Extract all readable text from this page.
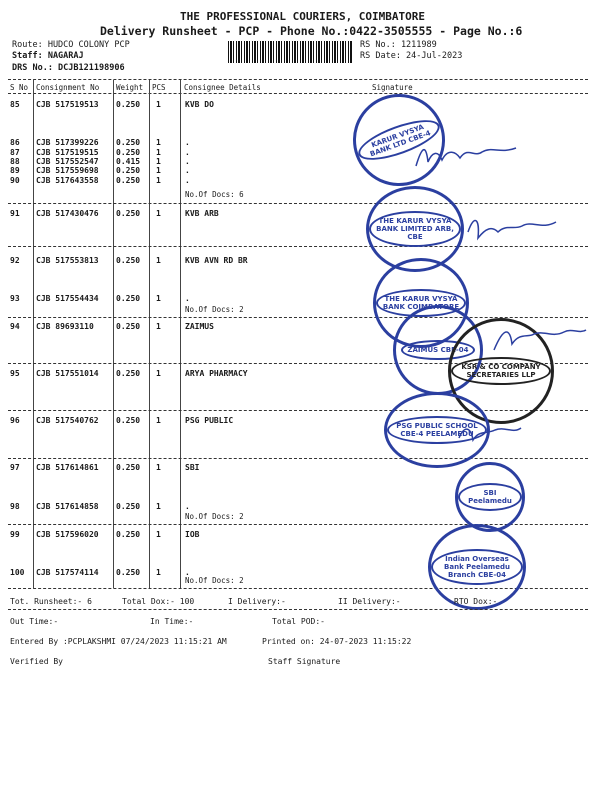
THE PROFESSIONAL COURIERS, COIMBATORE
Delivery Runsheet - PCP - Phone No.:0422-3505555 - Page No.:6
Route: HUDCO COLONY PCP
Staff: NAGARAJ
DRS No.: DCJB121198906
RS No.: 1211989
RS Date: 24-Jul-2023
S No Consignment No Weight PCS Consignee Details	Signature
85 CJB 517519513 0.250 1	KVB DO
86 CJB 517399226 0.250 1	.
87 CJB 517519515 0.250 1	.
88 CJB 517552547 0.415 1	.
89 CJB 517559698 0.250 1	.
90 CJB 517643558 0.250 1	.
91 CJB 517430476 0.250 1	KVB ARB
92 CJB 517553813 0.250 1	KVB AVN RD BR
93 CJB 517554434 0.250 1	.
94 CJB 89693110	0.250 1	ZAIMUS
95 CJB 517551014 0.250 1	ARYA PHARMACY
96 CJB 517540762 0.250 1	PSG PUBLIC
97 CJB 517614861 0.250 1	SBI
98 CJB 517614858 0.250 1	.
99 CJB 517596020 0.250 1	IOB
100 CJB 517574114 0.250 1	.
No.Of Docs: 6
No.Of Docs: 2
No.Of Docs: 2
No.Of Docs: 2
KARUR VYSYA BANK LTD CBE-4
THE KARUR VYSYA BANK LIMITED ARB, CBE
THE KARUR VYSYA BANK COIMBATORE
ZAIMUS CBE-04
KSR & CO COMPANY SECRETARIES LLP
PSG PUBLIC SCHOOL CBE-4 PEELAMEDU
SBI Peelamedu
Indian Overseas Bank Peelamedu Branch CBE-04
Tot. Runsheet:- 6	Total Dox:- 100	I Delivery:-	II Delivery:-	RTO Dox:-
Out Time:-	In Time:-	Total POD:-
Entered By :PCPLAKSHMI 07/24/2023 11:15:21 AM	Printed on: 24-07-2023 11:15:22
Verified By	Staff Signature
